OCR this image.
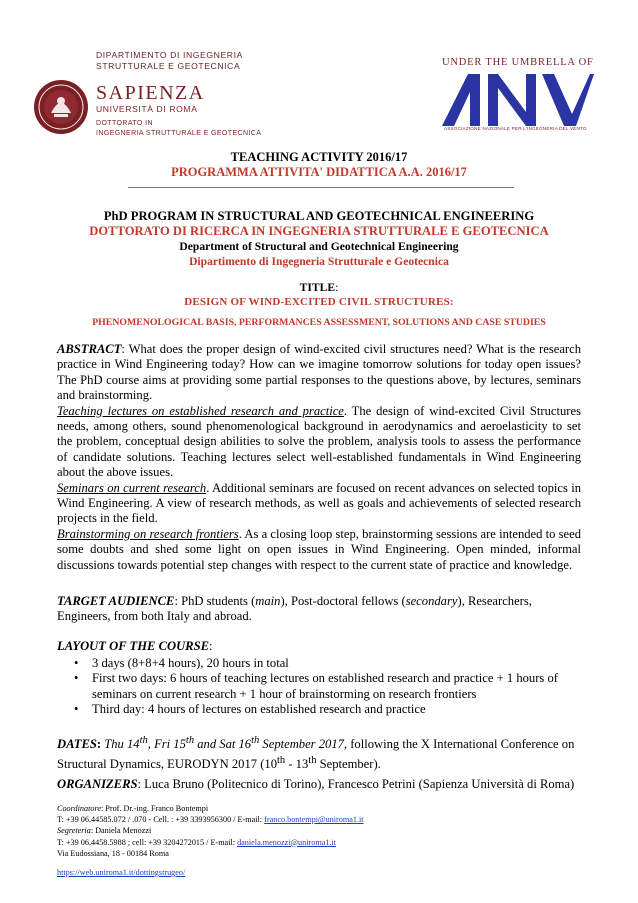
DIPARTIMENTO DI INGEGNERIA
STRUTTURALE E GEOTECNICA
SAPIENZA
UNIVERSITÀ DI ROMA
DOTTORATO IN
INGEGNERIA STRUTTURALE E GEOTECNICA
UNDER THE UMBRELLA OF
ASSOCIAZIONE NAZIONALE PER L'INGEGNERIA DEL VENTO
TEACHING ACTIVITY 2016/17
PROGRAMMA ATTIVITA' DIDATTICA A.A. 2016/17
PhD PROGRAM IN STRUCTURAL AND GEOTECHNICAL ENGINEERING
DOTTORATO DI RICERCA IN INGEGNERIA STRUTTURALE E GEOTECNICA
Department of Structural and Geotechnical Engineering
Dipartimento di Ingegneria Strutturale e Geotecnica
TITLE:
DESIGN OF WIND-EXCITED CIVIL STRUCTURES:
PHENOMENOLOGICAL BASIS, PERFORMANCES ASSESSMENT, SOLUTIONS AND CASE STUDIES

ABSTRACT: What does the proper design of wind-excited civil structures need? What is the research practice in Wind Engineering today? How can we imagine tomorrow solutions for today open issues? The PhD course aims at providing some partial responses to the questions above, by lectures, seminars and brainstorming.

Teaching lectures on established research and practice. The design of wind-excited Civil Structures needs, among others, sound phenomenological background in aerodynamics and aeroelasticity to set the problem, conceptual design abilities to solve the problem, analysis tools to assess the performance of candidate solutions. Teaching lectures select well-established fundamentals in Wind Engineering about the above issues.

Seminars on current research. Additional seminars are focused on recent advances on selected topics in Wind Engineering. A view of research methods, as well as goals and achievements of selected research projects in the field.

Brainstorming on research frontiers. As a closing loop step, brainstorming sessions are intended to seed some doubts and shed some light on open issues in Wind Engineering. Open minded, informal discussions towards potential step changes with respect to the current state of practice and knowledge.

TARGET AUDIENCE: PhD students (main), Post-doctoral fellows (secondary), Researchers, Engineers, from both Italy and abroad.
LAYOUT OF THE COURSE:
• 3 days (8+8+4 hours), 20 hours in total
• First two days: 6 hours of teaching lectures on established research and practice + 1 hours of seminars on current research + 1 hour of brainstorming on research frontiers
• Third day: 4 hours of lectures on established research and practice
DATES: Thu 14th, Fri 15th and Sat 16th September 2017, following the X International Conference on Structural Dynamics, EURODYN 2017 (10th - 13th September).
ORGANIZERS: Luca Bruno (Politecnico di Torino), Francesco Petrini (Sapienza Università di Roma)
Coordinatore: Prof. Dr.-ing. Franco Bontempi
T: +39 06.44585.072 / .070 - Cell. : +39 3393956300 / E-mail: franco.bontempi@uniroma1.it
Segreteria: Daniela Menozzi
T: +39 06.4458.5988 ; cell: +39 3204272015 / E-mail: daniela.menozzi@uniroma1.it
Via Eudossiana, 18 - 00184 Roma
https://web.uniroma1.it/dottingstrugeo/
